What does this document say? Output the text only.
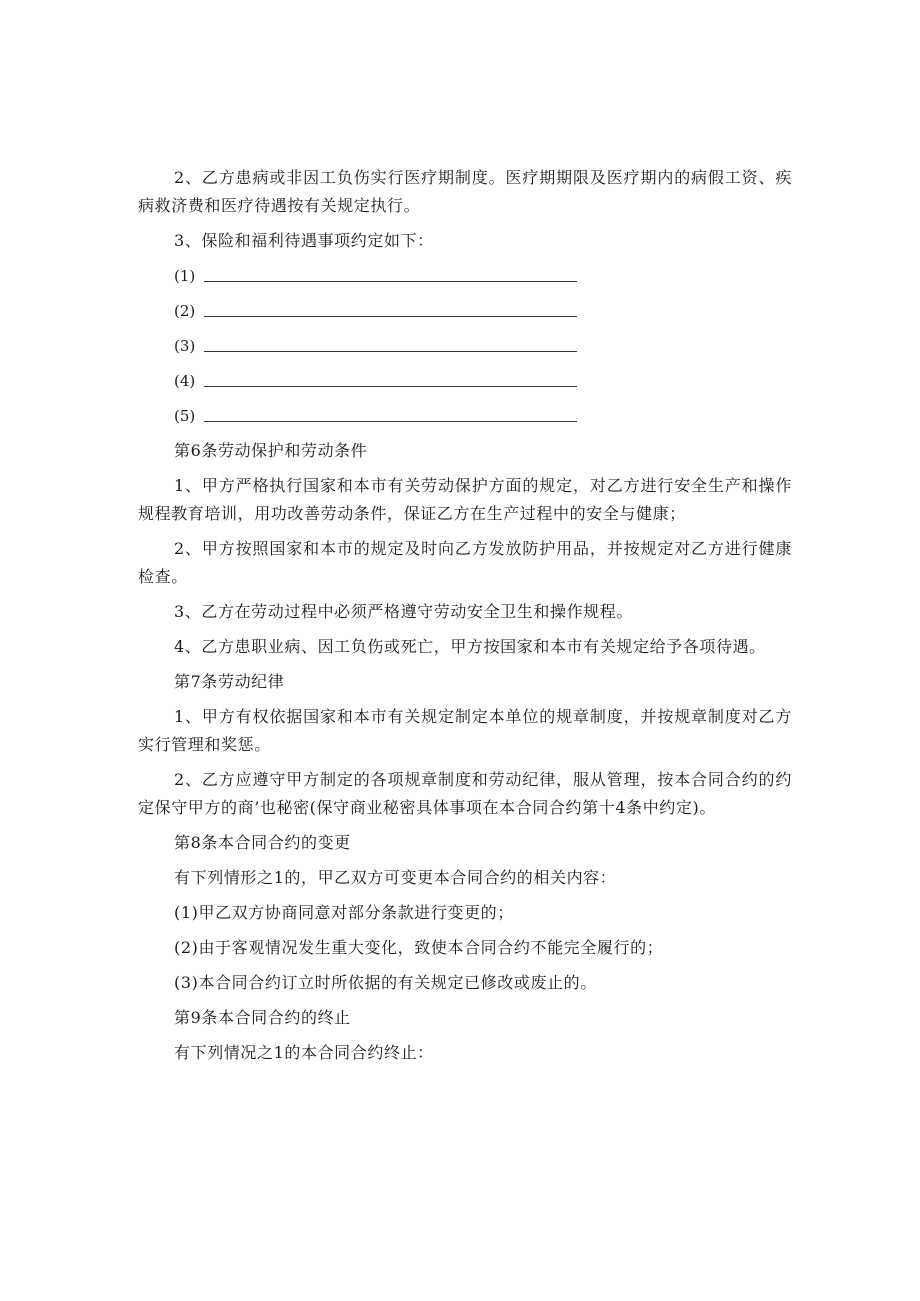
2、乙方患病或非因工负伤实行医疗期制度。医疗期期限及医疗期内的病假工资、疾病救济费和医疗待遇按有关规定执行。

3、保险和福利待遇事项约定如下：

(1)
(2)
(3)
(4)
(5)

第6条劳动保护和劳动条件

1、甲方严格执行国家和本市有关劳动保护方面的规定，对乙方进行安全生产和操作规程教育培训，用功改善劳动条件，保证乙方在生产过程中的安全与健康；

2、甲方按照国家和本市的规定及时向乙方发放防护用品，并按规定对乙方进行健康检查。

3、乙方在劳动过程中必须严格遵守劳动安全卫生和操作规程。

4、乙方患职业病、因工负伤或死亡，甲方按国家和本市有关规定给予各项待遇。

第7条劳动纪律

1、甲方有权依据国家和本市有关规定制定本单位的规章制度，并按规章制度对乙方实行管理和奖惩。

2、乙方应遵守甲方制定的各项规章制度和劳动纪律，服从管理，按本合同合约的约定保守甲方的商’也秘密(保守商业秘密具体事项在本合同合约第十4条中约定)。

第8条本合同合约的变更

有下列情形之1的，甲乙双方可变更本合同合约的相关内容：

(1)甲乙双方协商同意对部分条款进行变更的；

(2)由于客观情况发生重大变化，致使本合同合约不能完全履行的；

(3)本合同合约订立时所依据的有关规定已修改或废止的。

第9条本合同合约的终止

有下列情况之1的本合同合约终止：
